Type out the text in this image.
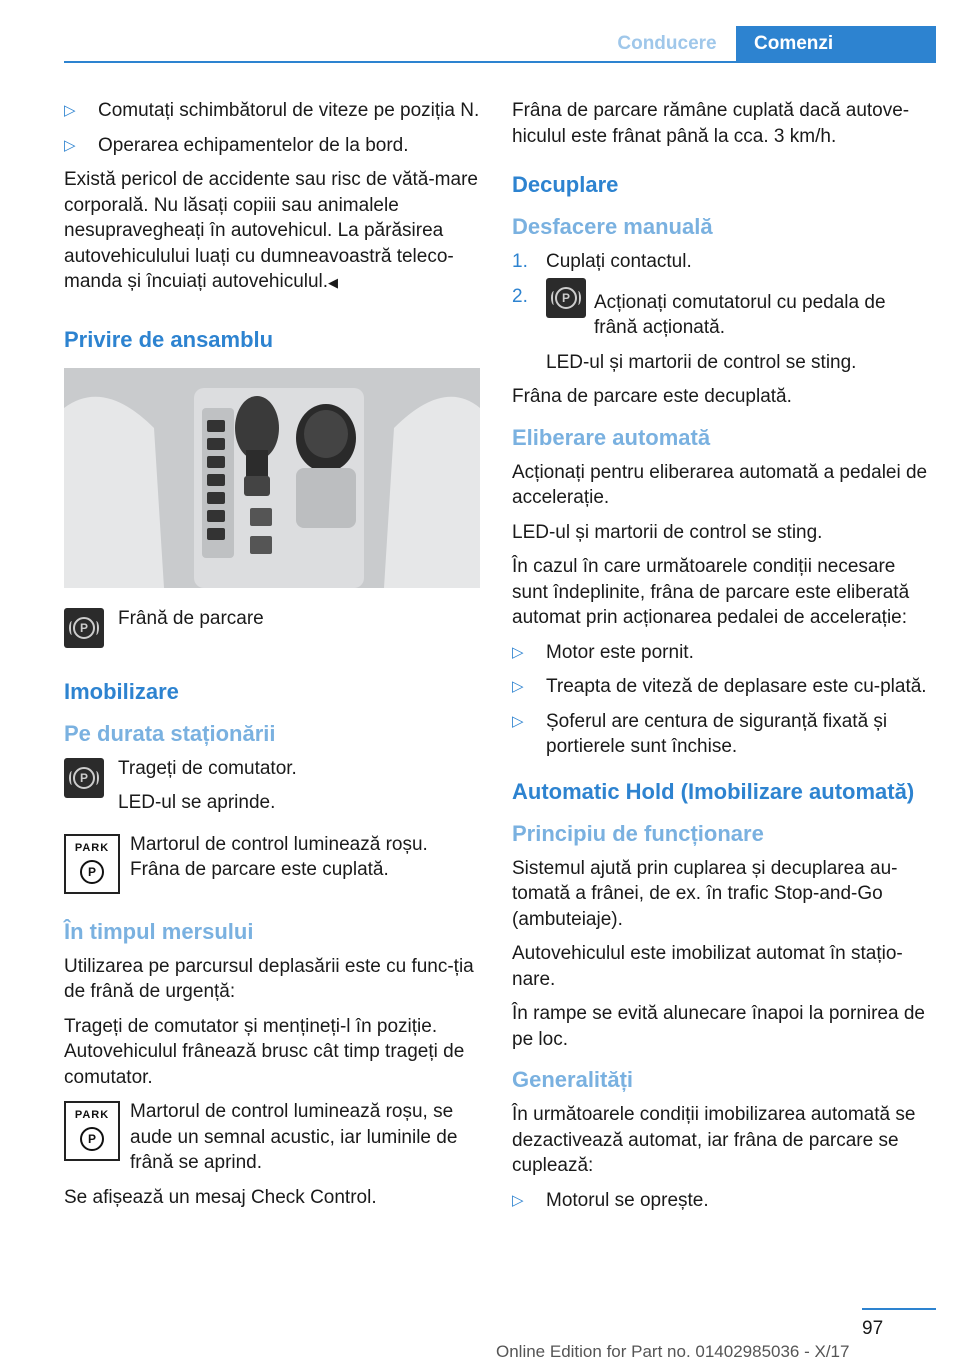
Conducere	Comenzi
▷ Comutați schimbătorul de viteze pe poziția N.
▷ Operarea echipamentelor de la bord.
Există pericol de accidente sau risc de vătă‐mare corporală. Nu lăsați copiii sau animalele nesupravegheați în autovehicul. La părăsirea autovehiculului luați cu dumneavoastră teleco‐manda și încuiați autovehiculul.◀
Privire de ansamblu
P	Frână de parcare
Imobilizare
Pe durata staționării
P	Trageți de comutator.
LED-ul se aprinde.
PARK
P
Martorul de control luminează roșu. Frâna de parcare este cuplată.
În timpul mersului
Utilizarea pe parcursul deplasării este cu func‐ția de frână de urgență:
Trageți de comutator și mențineți-l în poziție. Autovehiculul frânează brusc cât timp trageți de comutator.
PARK
P
Martorul de control luminează roșu, se aude un semnal acustic, iar luminile de frână se aprind.
Se afișează un mesaj Check Control.
Frâna de parcare rămâne cuplată dacă autove‐hiculul este frânat până la cca. 3 km/h.
Decuplare
Desfacere manuală
1. Cuplați contactul.
2.	P	Acționați comutatorul cu pedala de frână acționată.
LED-ul și martorii de control se sting.
Frâna de parcare este decuplată.
Eliberare automată
Acționați pentru eliberarea automată a pedalei de accelerație.
LED-ul și martorii de control se sting.
În cazul în care următoarele condiții necesare sunt îndeplinite, frâna de parcare este eliberată automat prin acționarea pedalei de accelerație:
▷ Motor este pornit.
▷ Treapta de viteză de deplasare este cu‐plată.
▷ Șoferul are centura de siguranță fixată și portierele sunt închise.
Automatic Hold (Imobilizare automată)
Principiu de funcționare
Sistemul ajută prin cuplarea și decuplarea au‐tomată a frânei, de ex. în trafic Stop-and-Go (ambuteiaje).
Autovehiculul este imobilizat automat în stațio‐nare.
În rampe se evită alunecare înapoi la pornirea de pe loc.
Generalități
În următoarele condiții imobilizarea automată se dezactivează automat, iar frâna de parcare se cuplează:
▷ Motorul se oprește.
97
Online Edition for Part no. 01402985036 - X/17
